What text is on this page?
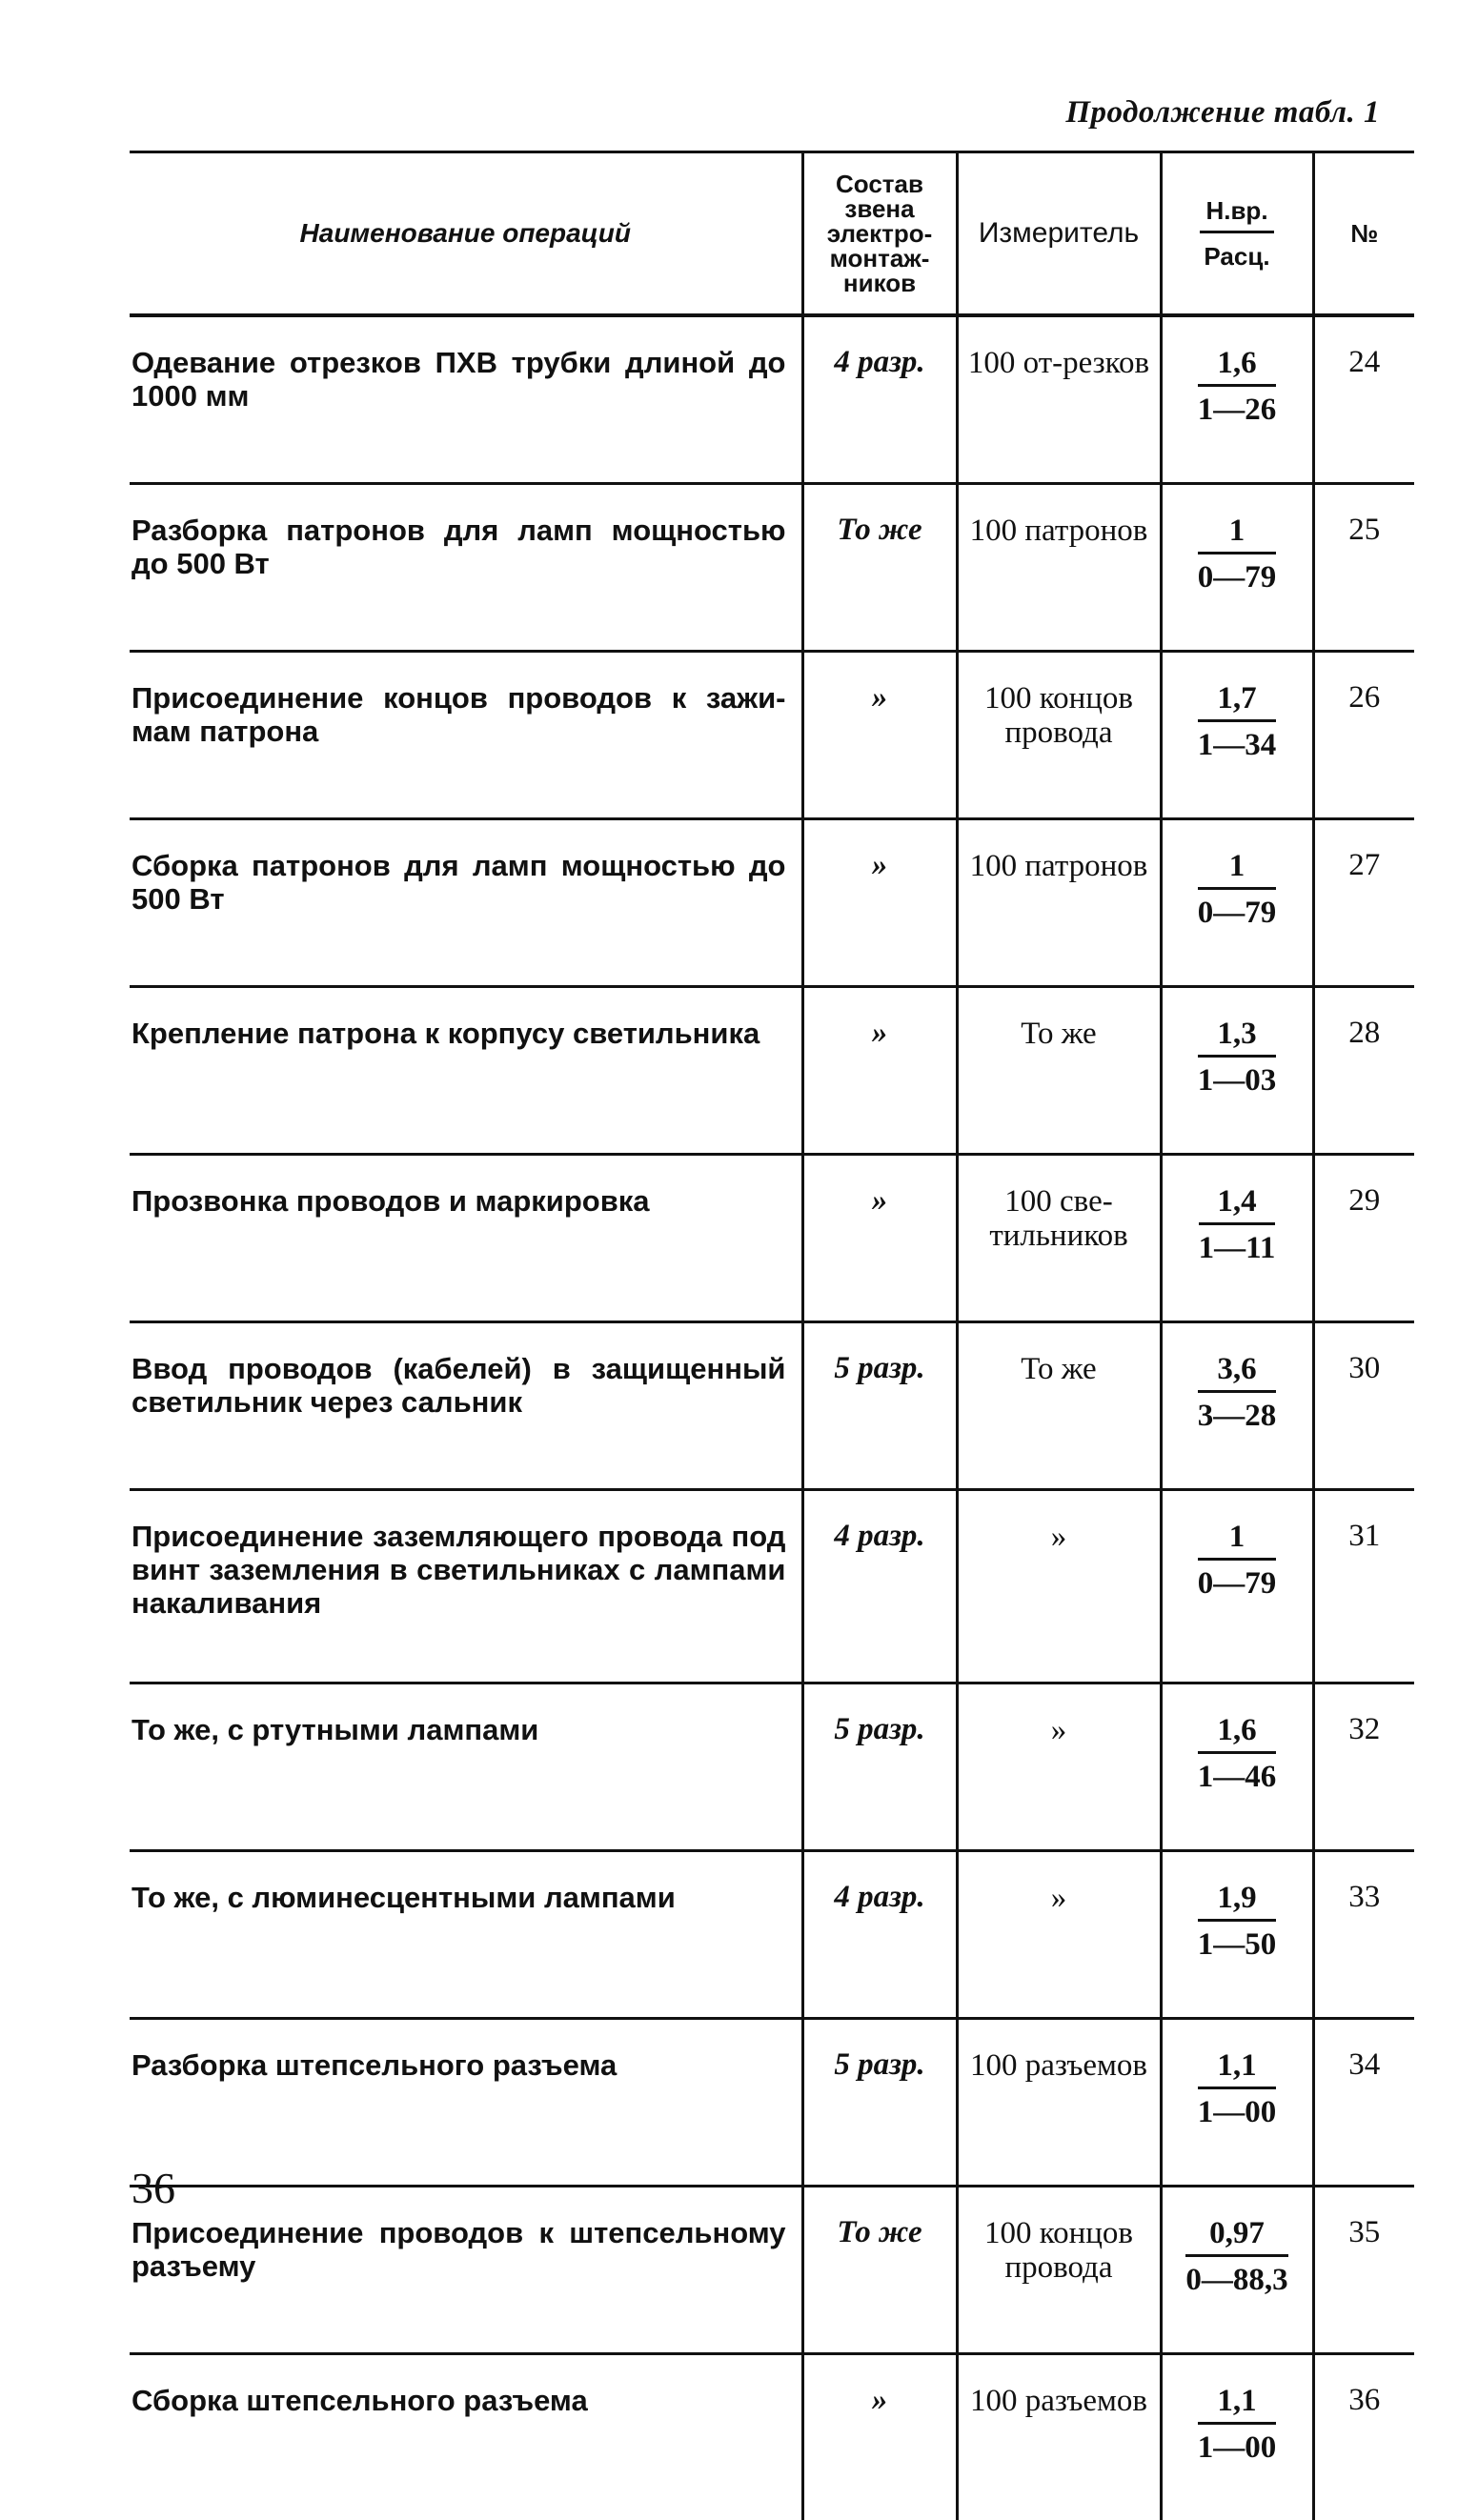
Продолжение табл. 1
Наименование операций	Состав звена электро-монтаж-ников	Измеритель	$\frac{Н.вр.}{\text{Расц.}}$	№
Одевание отрезков ПХВ трубки длиной до 1000 мм	4 разр.	100 от-резков	$\frac{1,6}{1—26}$	24
Разборка патронов для ламп мощностью до 500 Вт	То же	100 патронов	$\frac{1}{0—79}$	25
Присоединение концов проводов к зажи-мам патрона	»	100 концов провода	$\frac{1,7}{1—34}$	26
Сборка патронов для ламп мощностью до 500 Вт	»	100 патронов	$\frac{1}{0—79}$	27
Крепление патрона к корпусу светильника	»	То же	$\frac{1,3}{1—03}$	28
Прозвонка проводов и маркировка	»	100 све-тильников	$\frac{1,4}{1—11}$	29
Ввод проводов (кабелей) в защищенный светильник через сальник	5 разр.	То же	$\frac{3,6}{3—28}$	30
Присоединение заземляющего провода под винт заземления в светильниках с лампами накаливания	4 разр.	»	$\frac{1}{0—79}$	31
То же, с ртутными лампами	5 разр.	»	$\frac{1,6}{1—46}$	32
То же, с люминесцентными лампами	4 разр.	»	$\frac{1,9}{1—50}$	33
Разборка штепсельного разъема	5 разр.	100 разъемов	$\frac{1,1}{1—00}$	34
Присоединение проводов к штепсельному разъему	То же	100 концов провода	$\frac{0,97}{0—88,3}$	35
Сборка штепсельного разъема	»	100 разъемов	$\frac{1,1}{1—00}$	36
36
